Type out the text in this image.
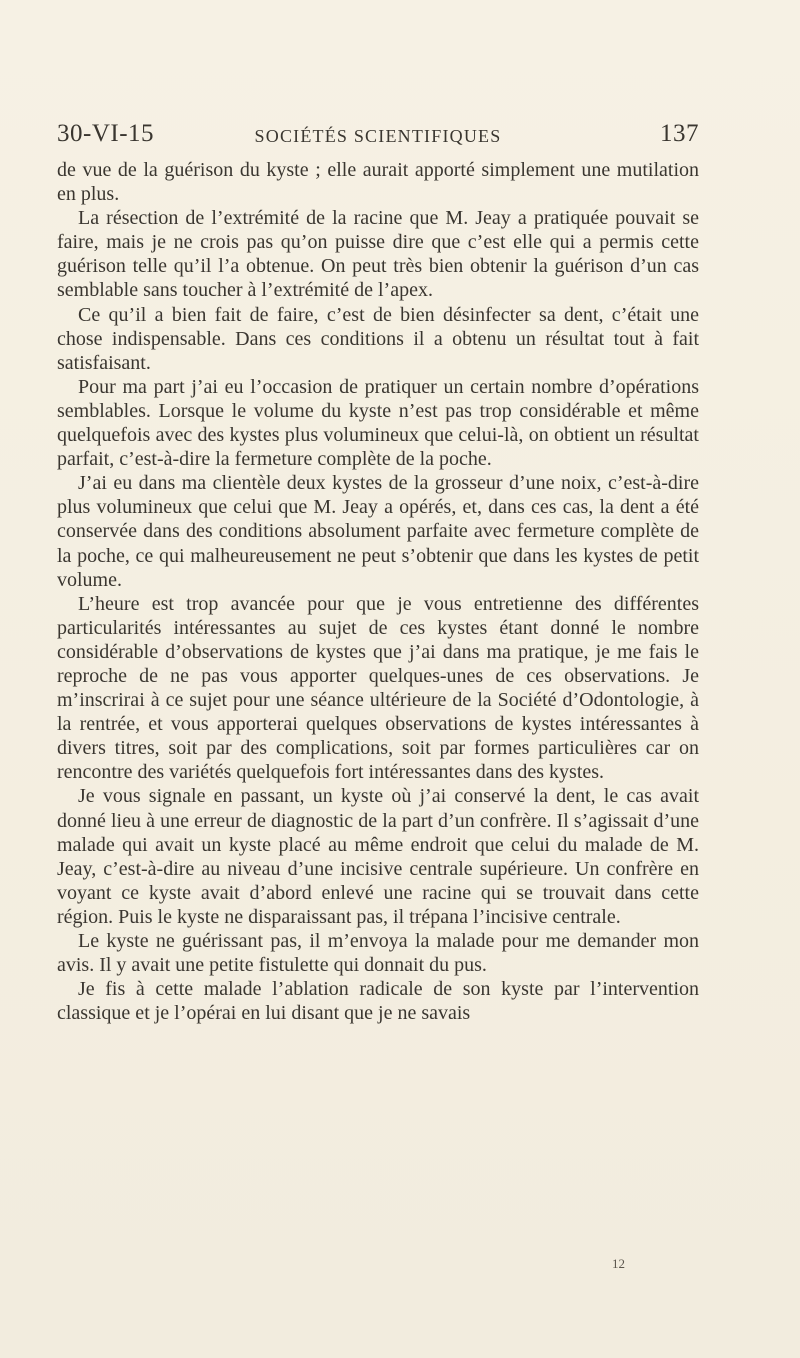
30-VI-15	SOCIÉTÉS SCIENTIFIQUES	137

de vue de la guérison du kyste ; elle aurait apporté simplement une mutilation en plus.

La résection de l’extrémité de la racine que M. Jeay a pratiquée pouvait se faire, mais je ne crois pas qu’on puisse dire que c’est elle qui a permis cette guérison telle qu’il l’a obtenue. On peut très bien obtenir la guérison d’un cas semblable sans toucher à l’extrémité de l’apex.

Ce qu’il a bien fait de faire, c’est de bien désinfecter sa dent, c’était une chose indispensable. Dans ces conditions il a obtenu un résultat tout à fait satisfaisant.

Pour ma part j’ai eu l’occasion de pratiquer un certain nombre d’opérations semblables. Lorsque le volume du kyste n’est pas trop considérable et même quelquefois avec des kystes plus volumineux que celui-là, on obtient un résultat parfait, c’est-à-dire la fermeture complète de la poche.

J’ai eu dans ma clientèle deux kystes de la grosseur d’une noix, c’est-à-dire plus volumineux que celui que M. Jeay a opérés, et, dans ces cas, la dent a été conservée dans des conditions absolument parfaite avec fermeture complète de la poche, ce qui malheureusement ne peut s’obtenir que dans les kystes de petit volume.

L’heure est trop avancée pour que je vous entretienne des différentes particularités intéressantes au sujet de ces kystes étant donné le nombre considérable d’observations de kystes que j’ai dans ma pratique, je me fais le reproche de ne pas vous apporter quelques-unes de ces observations. Je m’inscrirai à ce sujet pour une séance ultérieure de la Société d’Odontologie, à la rentrée, et vous apporterai quelques observations de kystes intéressantes à divers titres, soit par des complications, soit par formes particulières car on rencontre des variétés quelquefois fort intéressantes dans des kystes.

Je vous signale en passant, un kyste où j’ai conservé la dent, le cas avait donné lieu à une erreur de diagnostic de la part d’un confrère. Il s’agissait d’une malade qui avait un kyste placé au même endroit que celui du malade de M. Jeay, c’est-à-dire au niveau d’une incisive centrale supérieure. Un confrère en voyant ce kyste avait d’abord enlevé une racine qui se trouvait dans cette région. Puis le kyste ne disparaissant pas, il trépana l’incisive centrale.

Le kyste ne guérissant pas, il m’envoya la malade pour me demander mon avis. Il y avait une petite fistulette qui donnait du pus.

Je fis à cette malade l’ablation radicale de son kyste par l’intervention classique et je l’opérai en lui disant que je ne savais

12
